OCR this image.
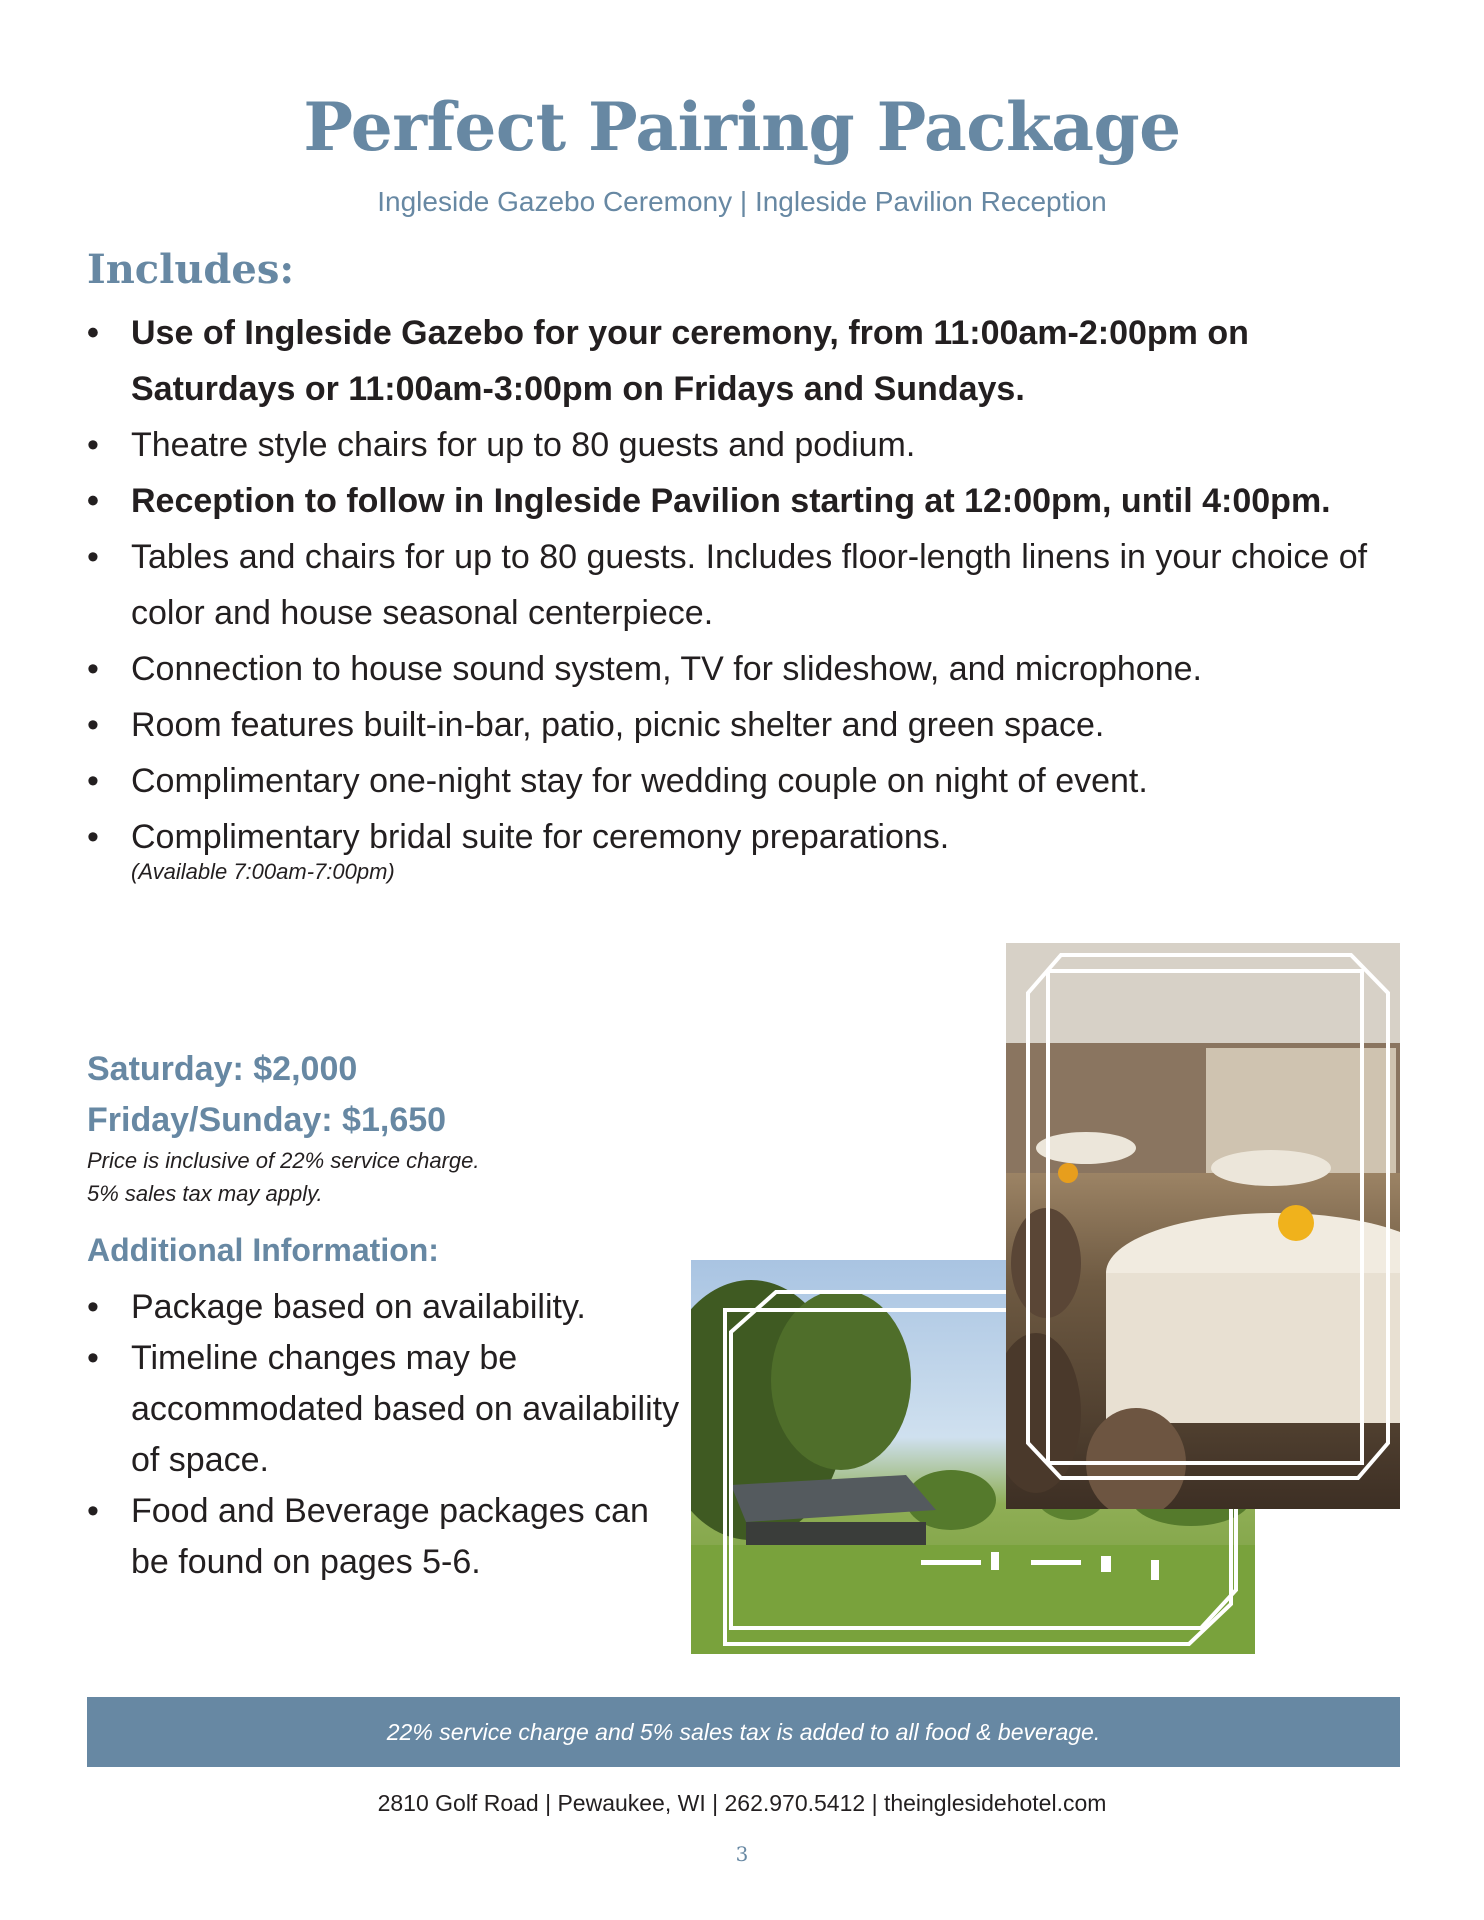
Perfect Pairing Package

Ingleside Gazebo Ceremony | Ingleside Pavilion Reception

Includes:
• Use of Ingleside Gazebo for your ceremony, from 11:00am-2:00pm on Saturdays or 11:00am-3:00pm on Fridays and Sundays.
• Theatre style chairs for up to 80 guests and podium.
• Reception to follow in Ingleside Pavilion starting at 12:00pm, until 4:00pm.
• Tables and chairs for up to 80 guests. Includes floor-length linens in your choice of color and house seasonal centerpiece.
• Connection to house sound system, TV for slideshow, and microphone.
• Room features built-in-bar, patio, picnic shelter and green space.
• Complimentary one-night stay for wedding couple on night of event.
• Complimentary bridal suite for ceremony preparations.
(Available 7:00am-7:00pm)

Saturday: $2,000

Friday/Sunday: $1,650

Price is inclusive of 22% service charge.

5% sales tax may apply.

Additional Information:
• Package based on availability.
• Timeline changes may be accommodated based on availability of space.
• Food and Beverage packages can be found on pages 5-6.
22% service charge and 5% sales tax is added to all food & beverage.

2810 Golf Road | Pewaukee, WI | 262.970.5412 | theinglesidehotel.com

3
